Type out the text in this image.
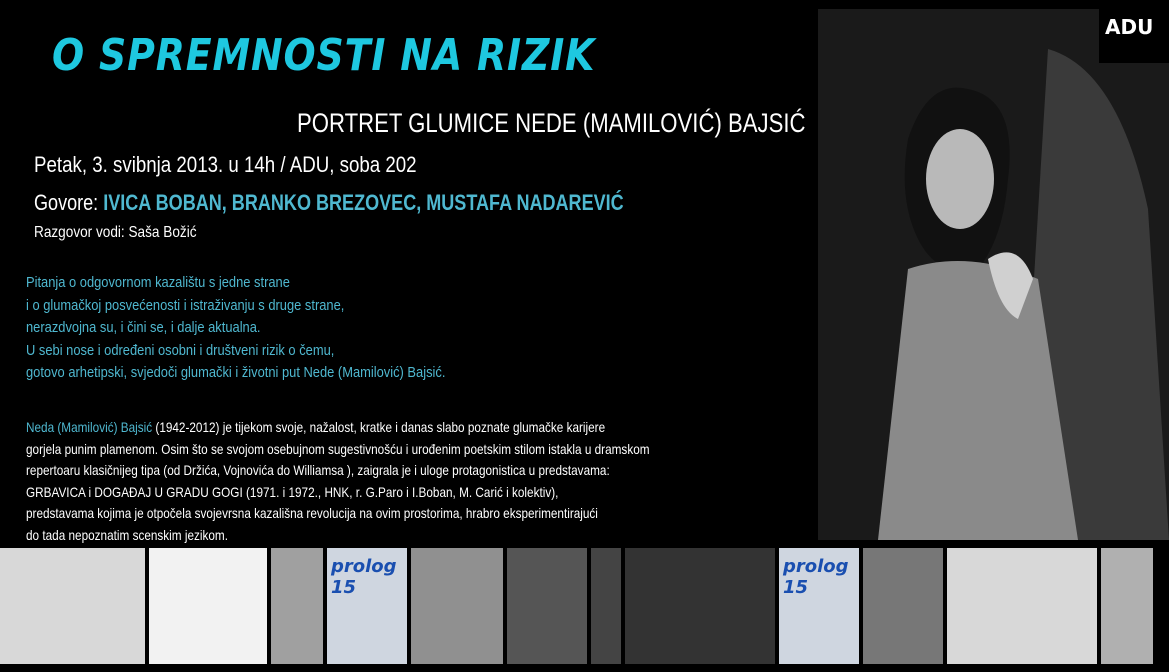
O SPREMNOSTI NA RIZIK
PORTRET GLUMICE NEDE (MAMILOVIĆ) BAJSIĆ
Petak, 3. svibnja 2013. u 14h / ADU, soba 202
Govore: IVICA BOBAN, BRANKO BREZOVEC, MUSTAFA NADAREVIĆ
Razgovor vodi: Saša Božić
Pitanja o odgovornom kazalištu s jedne strane
i o glumačkoj posvećenosti i istraživanju s druge strane,
nerazdvojna su, i čini se, i dalje aktualna.
U sebi nose i određeni osobni i društveni rizik o čemu,
gotovo arhetipski, svjedoči glumački i životni put Nede (Mamilović) Bajsić.
Neda (Mamilović) Bajsić (1942-2012) je tijekom svoje, nažalost, kratke i danas slabo poznate glumačke karijere
gorjela punim plamenom. Osim što se svojom osebujnom sugestivnošću i urođenim poetskim stilom istakla u dramskom
repertoaru klasičnijeg tipa (od Držića, Vojnovića do Williamsa ), zaigrala je i uloge protagonistica u predstavama:
GRBAVICA i DOGAĐAJ U GRADU GOGI (1971. i 1972., HNK, r. G.Paro i I.Boban, M. Carić i kolektiv),
predstavama kojima je otpočela svojevrsna kazališna revolucija na ovim prostorima, hrabro eksperimentirajući
do tada nepoznatim scenskim jezikom.
ADU
prolog 15
prolog 15
